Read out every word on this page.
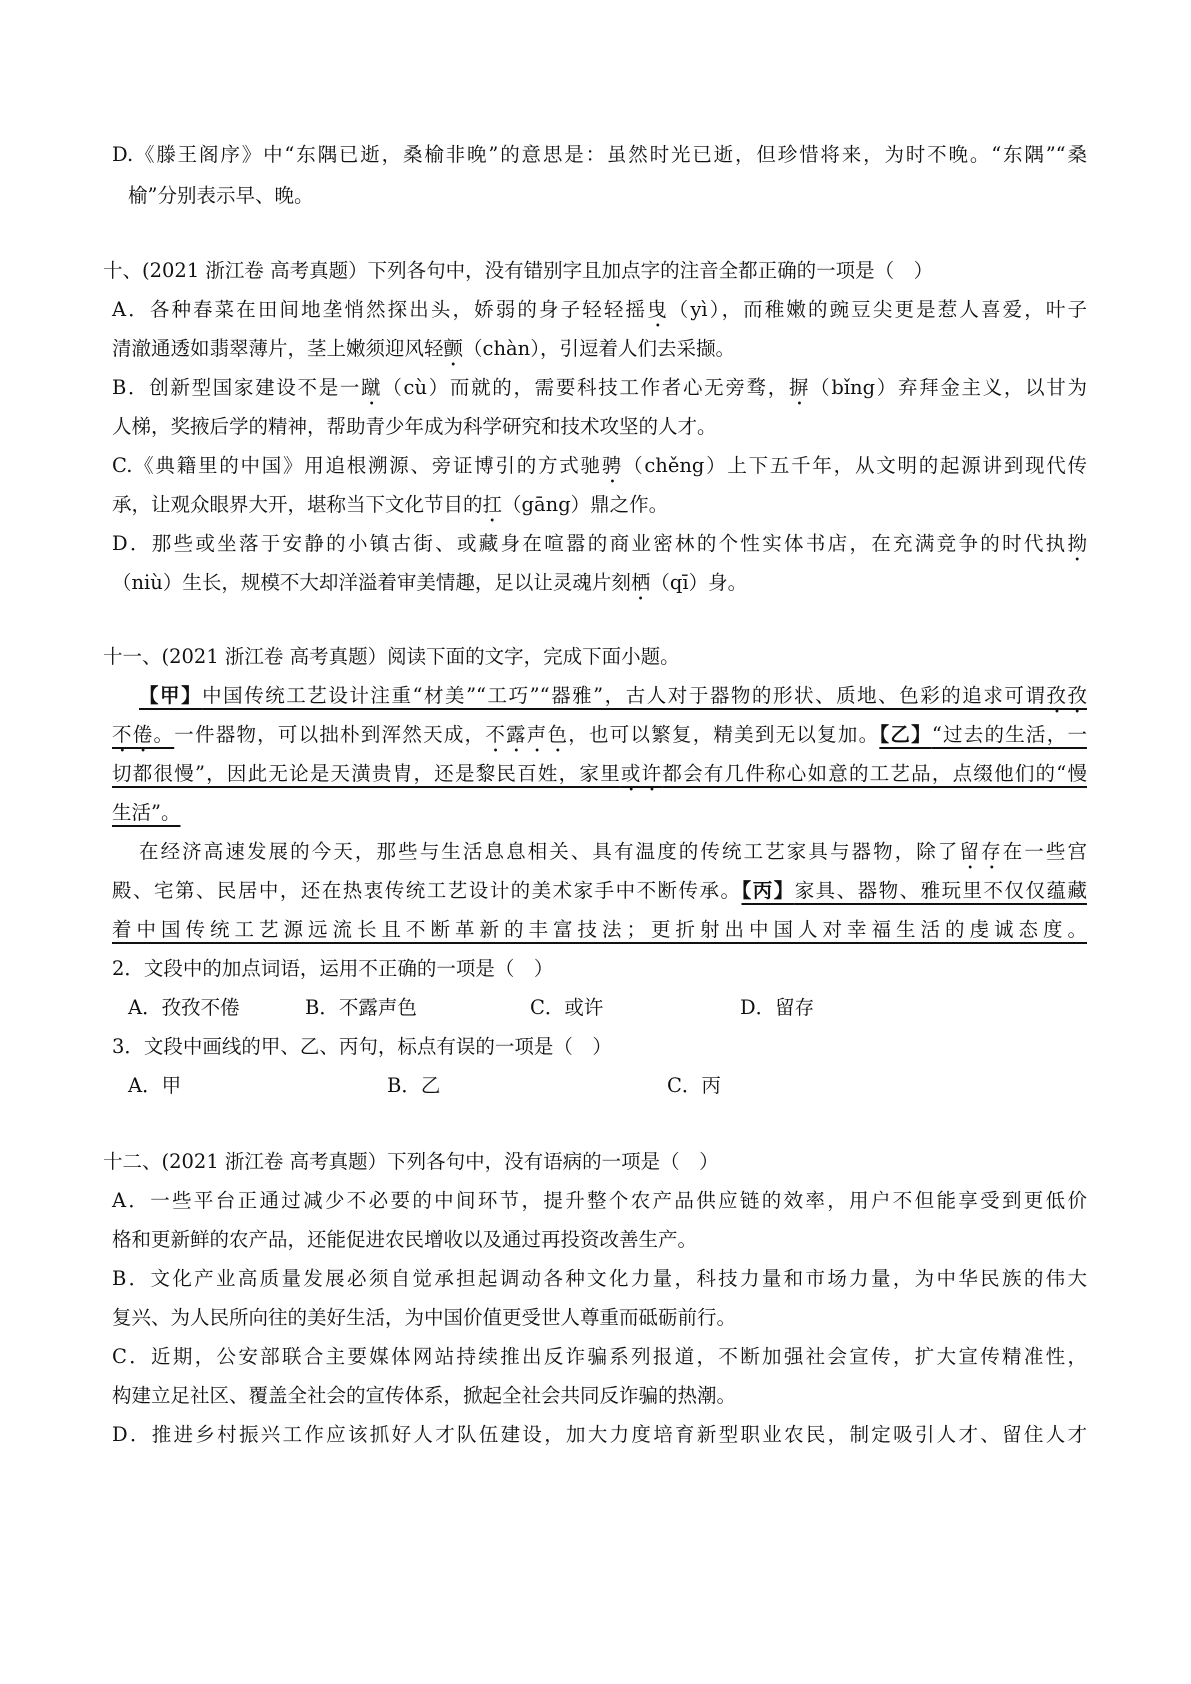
D.《滕王阁序》中“东隅已逝，桑榆非晚”的意思是：虽然时光已逝，但珍惜将来，为时不晚。“东隅”“桑
榆”分别表示早、晚。
十、(2021 浙江卷 高考真题）下列各句中，没有错别字且加点字的注音全都正确的一项是（　）
A．各种春菜在田间地垄悄然探出头，娇弱的身子轻轻摇曳（yì），而稚嫩的豌豆尖更是惹人喜爱，叶子
清澈通透如翡翠薄片，茎上嫩须迎风轻颤（chàn），引逗着人们去采撷。
B．创新型国家建设不是一蹴（cù）而就的，需要科技工作者心无旁骛，摒（bǐng）弃拜金主义，以甘为
人梯，奖掖后学的精神，帮助青少年成为科学研究和技术攻坚的人才。
C.《典籍里的中国》用追根溯源、旁证博引的方式驰骋（chěng）上下五千年，从文明的起源讲到现代传
承，让观众眼界大开，堪称当下文化节目的扛（gāng）鼎之作。
D．那些或坐落于安静的小镇古街、或藏身在喧嚣的商业密林的个性实体书店，在充满竞争的时代执拗
（niù）生长，规模不大却洋溢着审美情趣，足以让灵魂片刻栖（qī）身。
十一、(2021 浙江卷 高考真题）阅读下面的文字，完成下面小题。
【甲】中国传统工艺设计注重“材美”“工巧”“器雅”，古人对于器物的形状、质地、色彩的追求可谓孜孜
不倦。一件器物，可以拙朴到浑然天成，不露声色，也可以繁复，精美到无以复加。【乙】“过去的生活，一
切都很慢”，因此无论是天潢贵胄，还是黎民百姓，家里或许都会有几件称心如意的工艺品，点缀他们的“慢
生活”。
在经济高速发展的今天，那些与生活息息相关、具有温度的传统工艺家具与器物，除了留存在一些宫
殿、宅第、民居中，还在热衷传统工艺设计的美术家手中不断传承。【丙】家具、器物、雅玩里不仅仅蕴藏
着中国传统工艺源远流长且不断革新的丰富技法；更折射出中国人对幸福生活的虔诚态度。
2．文段中的加点词语，运用不正确的一项是（　）
A．孜孜不倦	B．不露声色	C．或许	D．留存
3．文段中画线的甲、乙、丙句，标点有误的一项是（　）
A．甲	B．乙	C．丙
十二、(2021 浙江卷 高考真题）下列各句中，没有语病的一项是（　）
A．一些平台正通过减少不必要的中间环节，提升整个农产品供应链的效率，用户不但能享受到更低价
格和更新鲜的农产品，还能促进农民增收以及通过再投资改善生产。
B．文化产业高质量发展必须自觉承担起调动各种文化力量，科技力量和市场力量，为中华民族的伟大
复兴、为人民所向往的美好生活，为中国价值更受世人尊重而砥砺前行。
C．近期，公安部联合主要媒体网站持续推出反诈骗系列报道，不断加强社会宣传，扩大宣传精准性，
构建立足社区、覆盖全社会的宣传体系，掀起全社会共同反诈骗的热潮。
D．推进乡村振兴工作应该抓好人才队伍建设，加大力度培育新型职业农民，制定吸引人才、留住人才
